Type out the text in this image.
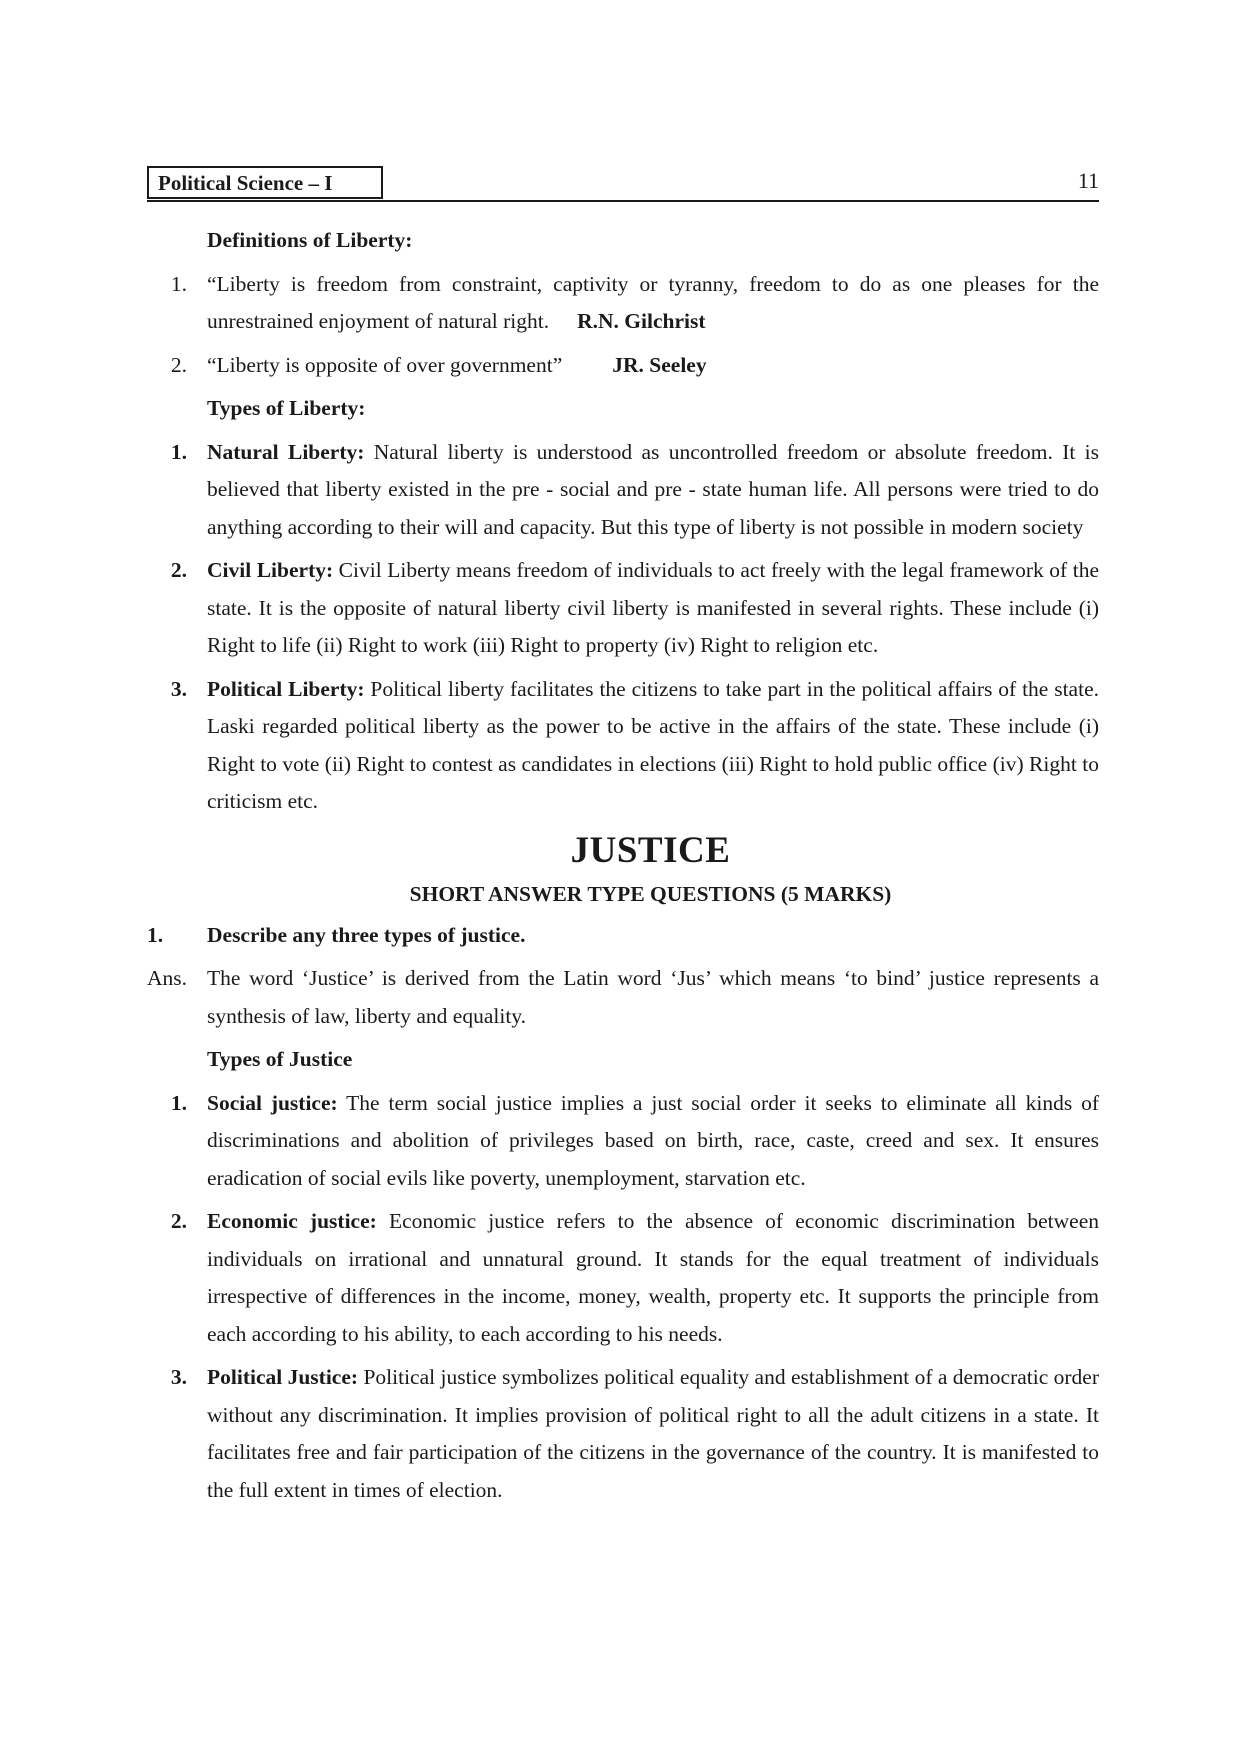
Political Science – I	11
Definitions of Liberty:
1. “Liberty is freedom from constraint, captivity or tyranny, freedom to do as one pleases for the unrestrained enjoyment of natural right. R.N. Gilchrist
2. “Liberty is opposite of over government” JR. Seeley
Types of Liberty:
1. Natural Liberty: Natural liberty is understood as uncontrolled freedom or absolute freedom. It is believed that liberty existed in the pre - social and pre - state human life. All persons were tried to do anything according to their will and capacity. But this type of liberty is not possible in modern society
2. Civil Liberty: Civil Liberty means freedom of individuals to act freely with the legal framework of the state. It is the opposite of natural liberty civil liberty is manifested in several rights. These include (i) Right to life (ii) Right to work (iii) Right to property (iv) Right to religion etc.
3. Political Liberty: Political liberty facilitates the citizens to take part in the political affairs of the state. Laski regarded political liberty as the power to be active in the affairs of the state. These include (i) Right to vote (ii) Right to contest as candidates in elections (iii) Right to hold public office (iv) Right to criticism etc.
JUSTICE
SHORT ANSWER TYPE QUESTIONS (5 MARKS)
1. Describe any three types of justice.
Ans. The word ‘Justice’ is derived from the Latin word ‘Jus’ which means ‘to bind’ justice represents a synthesis of law, liberty and equality.
Types of Justice
1. Social justice: The term social justice implies a just social order it seeks to eliminate all kinds of discriminations and abolition of privileges based on birth, race, caste, creed and sex. It ensures eradication of social evils like poverty, unemployment, starvation etc.
2. Economic justice: Economic justice refers to the absence of economic discrimination between individuals on irrational and unnatural ground. It stands for the equal treatment of individuals irrespective of differences in the income, money, wealth, property etc. It supports the principle from each according to his ability, to each according to his needs.
3. Political Justice: Political justice symbolizes political equality and establishment of a democratic order without any discrimination. It implies provision of political right to all the adult citizens in a state. It facilitates free and fair participation of the citizens in the governance of the country. It is manifested to the full extent in times of election.
